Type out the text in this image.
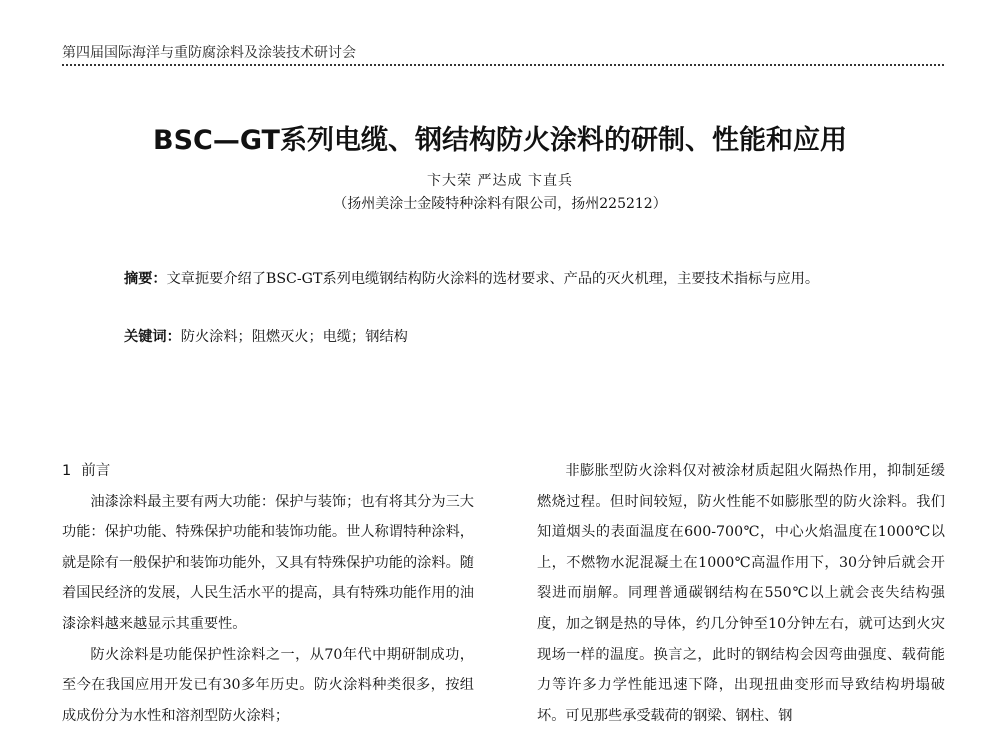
第四届国际海洋与重防腐涂料及涂装技术研讨会
BSC—GT系列电缆、钢结构防火涂料的研制、性能和应用
卞大荣 严达成 卞直兵
（扬州美涂士金陵特种涂料有限公司，扬州225212）
摘要：文章扼要介绍了BSC-GT系列电缆钢结构防火涂料的选材要求、产品的灭火机理，主要技术指标与应用。
关键词：防火涂料；阻燃灭火；电缆；钢结构
1 前言

油漆涂料最主要有两大功能：保护与装饰；也有将其分为三大功能：保护功能、特殊保护功能和装饰功能。世人称谓特种涂料，就是除有一般保护和装饰功能外，又具有特殊保护功能的涂料。随着国民经济的发展，人民生活水平的提高，具有特殊功能作用的油漆涂料越来越显示其重要性。

防火涂料是功能保护性涂料之一，从70年代中期研制成功，至今在我国应用开发已有30多年历史。防火涂料种类很多，按组成成份分为水性和溶剂型防火涂料；

非膨胀型防火涂料仅对被涂材质起阻火隔热作用，抑制延缓燃烧过程。但时间较短，防火性能不如膨胀型的防火涂料。我们知道烟头的表面温度在600-700℃，中心火焰温度在1000℃以上，不燃物水泥混凝土在1000℃高温作用下，30分钟后就会开裂进而崩解。同理普通碳钢结构在550℃以上就会丧失结构强度，加之钢是热的导体，约几分钟至10分钟左右，就可达到火灾现场一样的温度。换言之，此时的钢结构会因弯曲强度、载荷能力等许多力学性能迅速下降，出现扭曲变形而导致结构坍塌破坏。可见那些承受载荷的钢梁、钢柱、钢
